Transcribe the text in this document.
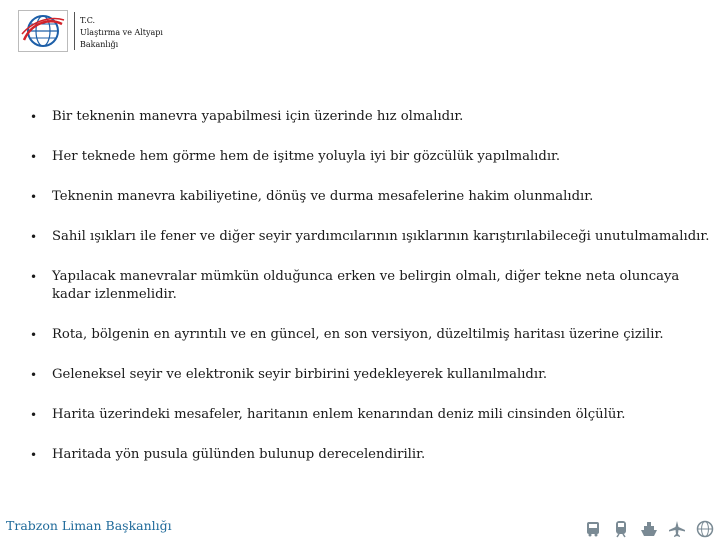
T.C.
Ulaştırma ve Altyapı
Bakanlığı
• Bir teknenin manevra yapabilmesi için üzerinde hız olmalıdır.
• Her teknede hem görme hem de işitme yoluyla iyi bir gözcülük yapılmalıdır.
• Teknenin manevra kabiliyetine, dönüş ve durma mesafelerine hakim olunmalıdır.
• Sahil ışıkları ile fener ve diğer seyir yardımcılarının ışıklarının karıştırılabileceği unutulmamalıdır.
• Yapılacak manevralar mümkün olduğunca erken ve belirgin olmalı, diğer tekne neta oluncaya kadar izlenmelidir.
• Rota, bölgenin en ayrıntılı ve en güncel, en son versiyon, düzeltilmiş haritası üzerine çizilir.
• Geleneksel seyir ve elektronik seyir birbirini yedekleyerek kullanılmalıdır.
• Harita üzerindeki mesafeler, haritanın enlem kenarından deniz mili cinsinden ölçülür.
• Haritada yön pusula gülünden bulunup derecelendirilir.
Trabzon Liman Başkanlığı
